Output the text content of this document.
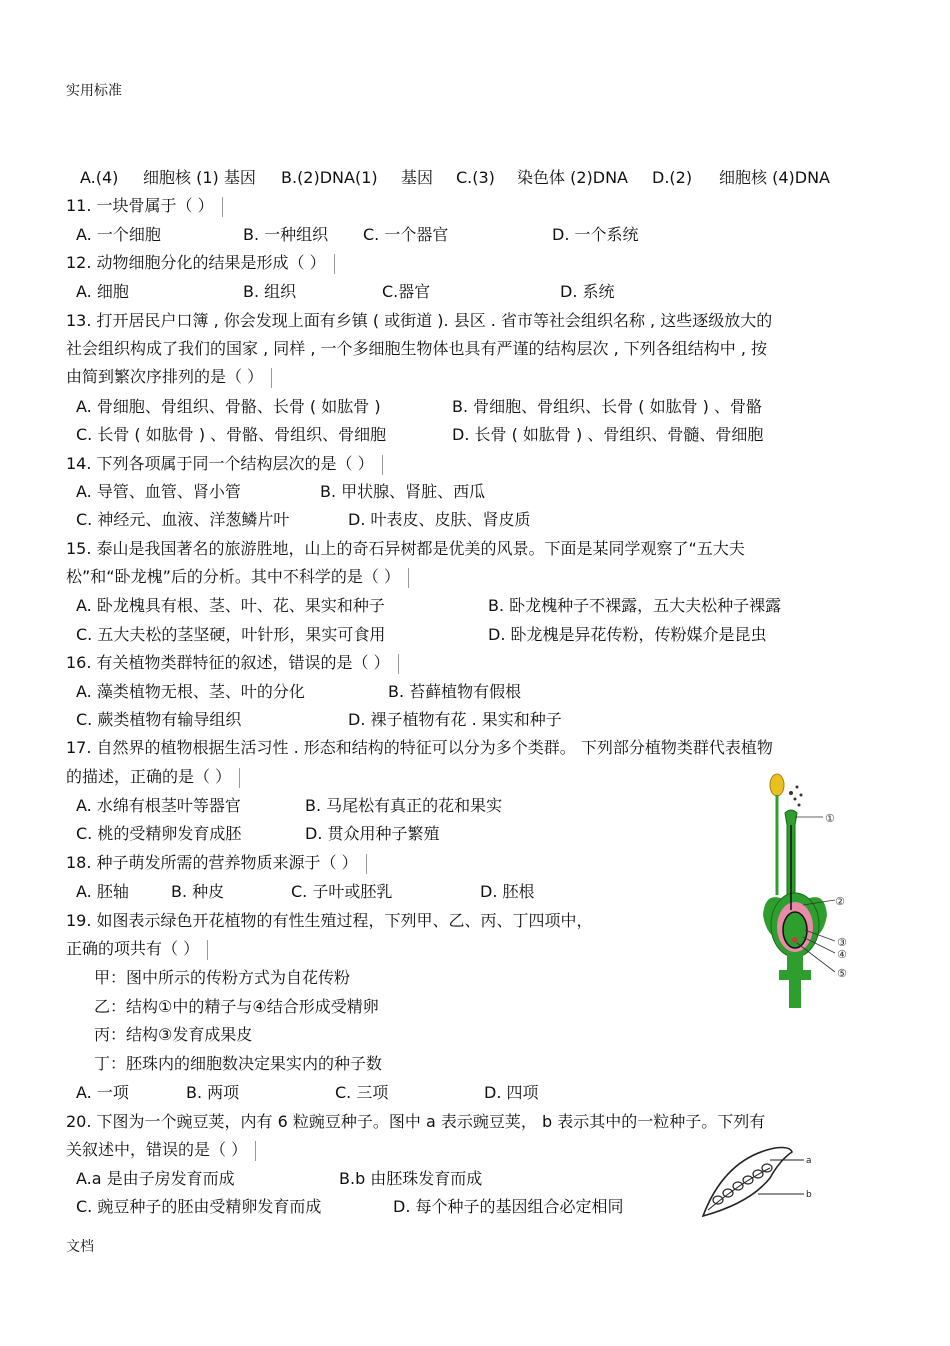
实用标准
A.(4) 细胞核 (1) 基因 B.(2)DNA(1) 基因 C.(3) 染色体 (2)DNA D.(2) 细胞核 (4)DNA
11. 一块骨属于（ ）
A. 一个细胞	B. 一种组织 C. 一个器官	D. 一个系统
12. 动物细胞分化的结果是形成（ ）
A. 细胞	B. 组织	C.器官	D. 系统
13. 打开居民户口簿 , 你会发现上面有乡镇 ( 或街道 ). 县区 . 省市等社会组织名称 , 这些逐级放大的
社会组织构成了我们的国家 , 同样 , 一个多细胞生物体也具有严谨的结构层次 , 下列各组结构中 , 按
由简到繁次序排列的是（ ）
A. 骨细胞、骨组织、骨骼、长骨 ( 如肱骨 )	B. 骨细胞、骨组织、长骨 ( 如肱骨 ) 、骨骼
C. 长骨 ( 如肱骨 ) 、骨骼、骨组织、骨细胞	D. 长骨 ( 如肱骨 ) 、骨组织、骨髓、骨细胞
14. 下列各项属于同一个结构层次的是（ ）
A. 导管、血管、肾小管	B. 甲状腺、肾脏、西瓜
C. 神经元、血液、洋葱鳞片叶	D. 叶表皮、皮肤、肾皮质
15. 泰山是我国著名的旅游胜地，山上的奇石异树都是优美的风景。下面是某同学观察了“五大夫
松”和“卧龙槐”后的分析。其中不科学的是（ ）
A. 卧龙槐具有根、茎、叶、花、果实和种子	B. 卧龙槐种子不裸露，五大夫松种子裸露
C. 五大夫松的茎坚硬，叶针形，果实可食用	D. 卧龙槐是异花传粉，传粉媒介是昆虫
16. 有关植物类群特征的叙述，错误的是（ ）
A. 藻类植物无根、茎、叶的分化	B. 苔藓植物有假根
C. 蕨类植物有输导组织	D. 裸子植物有花 . 果实和种子
17. 自然界的植物根据生活习性 . 形态和结构的特征可以分为多个类群。 下列部分植物类群代表植物
的描述，正确的是（ ）
A. 水绵有根茎叶等器官	B. 马尾松有真正的花和果实
C. 桃的受精卵发育成胚	D. 贯众用种子繁殖
18. 种子萌发所需的营养物质来源于（ ）
A. 胚轴	B. 种皮	C. 子叶或胚乳	D. 胚根
19. 如图表示绿色开花植物的有性生殖过程，下列甲、乙、丙、丁四项中，
正确的项共有（ ）
甲：图中所示的传粉方式为自花传粉
乙：结构①中的精子与④结合形成受精卵
丙：结构③发育成果皮
丁：胚珠内的细胞数决定果实内的种子数
A. 一项	B. 两项	C. 三项	D. 四项
20. 下图为一个豌豆荚，内有 6 粒豌豆种子。图中 a 表示豌豆荚， b 表示其中的一粒种子。下列有
关叙述中，错误的是（ ）
A.a 是由子房发育而成	B.b 由胚珠发育而成
C. 豌豆种子的胚由受精卵发育而成	D. 每个种子的基因组合必定相同
①
②
③
④
⑤
a
b
文档
